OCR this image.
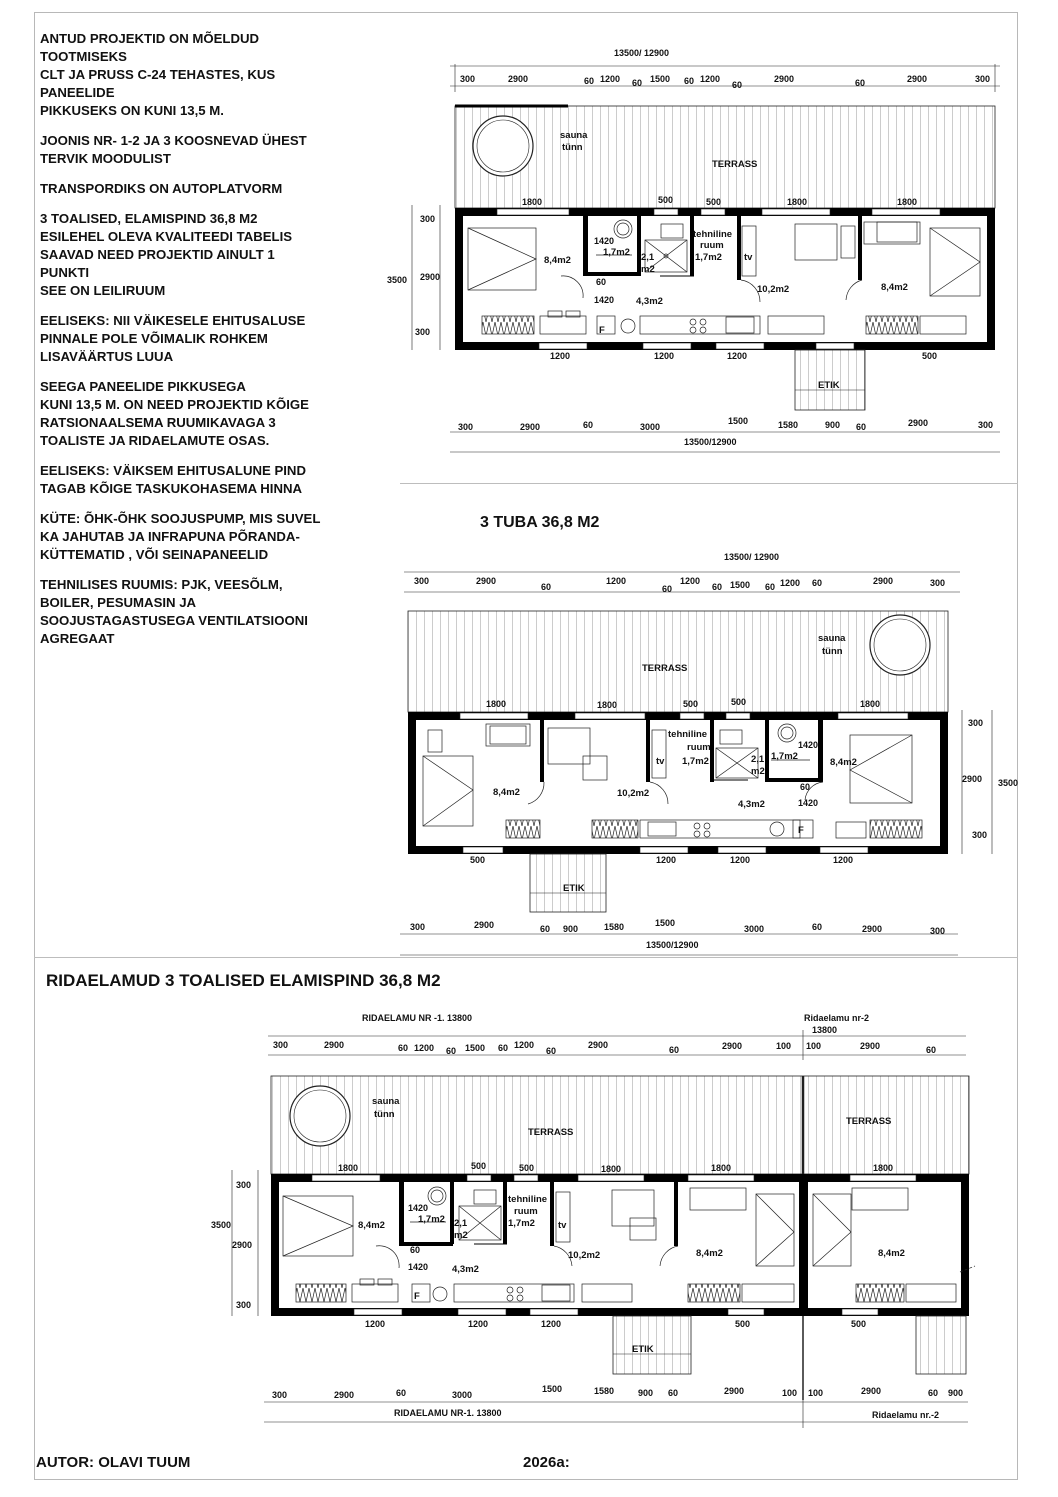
ANTUD PROJEKTID ON MÕELDUD
TOOTMISEKS
CLT JA PRUSS C-24 TEHASTES, KUS
PANEELIDE
PIKKUSEKS ON KUNI 13,5 M.

JOONIS NR- 1-2 JA 3 KOOSNEVAD ÜHEST
TERVIK MOODULIST

TRANSPORDIKS ON AUTOPLATVORM

3 TOALISED, ELAMISPIND 36,8 M2
ESILEHEL OLEVA KVALITEEDI TABELIS
SAAVAD NEED PROJEKTID AINULT 1
PUNKTI
SEE ON LEILIRUUM

EELISEKS: NII VÄIKESELE EHITUSALUSE
PINNALE POLE VÕIMALIK ROHKEM
LISAVÄÄRTUS LUUA

SEEGA PANEELIDE PIKKUSEGA
KUNI 13,5 M. ON NEED PROJEKTID KÕIGE
RATSIONAALSEMA RUUMIKAVAGA 3
TOALISTE JA RIDAELAMUTE OSAS.

EELISEKS: VÄIKSEM EHITUSALUNE PIND
TAGAB KÕIGE TASKUKOHASEMA HINNA

KÜTE: ÕHK-ÕHK SOOJUSPUMP, MIS SUVEL
KA JAHUTAB JA INFRAPUNA PÕRANDA-
KÜTTEMATID , VÕI SEINAPANEELID

TEHNILISES RUUMIS: PJK, VEESÕLM,
BOILER, PESUMASIN JA
SOOJUSTAGASTUSEGA VENTILATSIOONI
AGREGAAT

3 TUBA 36,8 M2
RIDAELAMUD 3 TOALISED ELAMISPIND 36,8 M2
AUTOR: OLAVI TUUM	2026a:
13500/ 12900
300	2900	60 1200 60 1500 60 1200
60
2900	60	2900	300
sauna
tünn
TERRASS
F
8,4m2
1,7m2 2,1
m2
4,3m2
tehniline
ruum
1,7m2 tv
10,2m2	8,4m2
1420
60
1420
1800	500	500	1800	1800
1200	1200	1200	500
300
2900
3500
300
ETIK
300	2900	60	3000
1500	1580	900 60	2900	300
13500/12900
13500/ 12900
300	2900
60
1200
60
1200
60 1500 60 1200 60	2900	300
sauna
tünn
TERRASS
F
8,4m2	10,2m2
tv
tehniline
ruum
1,7m2	2,1
m2
1,7m2
4,3m2
8,4m2
1420
60
1420
1800	1800	500	500	1800
500	1200	1200	1200
300
2900 3500
300
ETIK
300	2900	60 900	1580	1500
3000	60	2900	300
13500/12900
RIDAELAMU NR -1. 13800	Ridaelamu nr-2
13800
300	2900	60 1200 60 1500 60 1200
60
2900	60	2900	100 100	2900	60
sauna
tünn
TERRASS
TERRASS
F
8,4m2
1,7m2 2,1
m2
4,3m2
tehniline
ruum
1,7m2 tv
10,2m2	8,4m2	8,4m2
1420
60
1420
1800	500	500	1800	1800	1800
1200	1200	1200	500	500
300
3500
2900
300
ETIK
300	2900	60	3000
1500	1580	900 60	2900	100 100	2900	60 900
RIDAELAMU NR-1. 13800	Ridaelamu nr.-2
